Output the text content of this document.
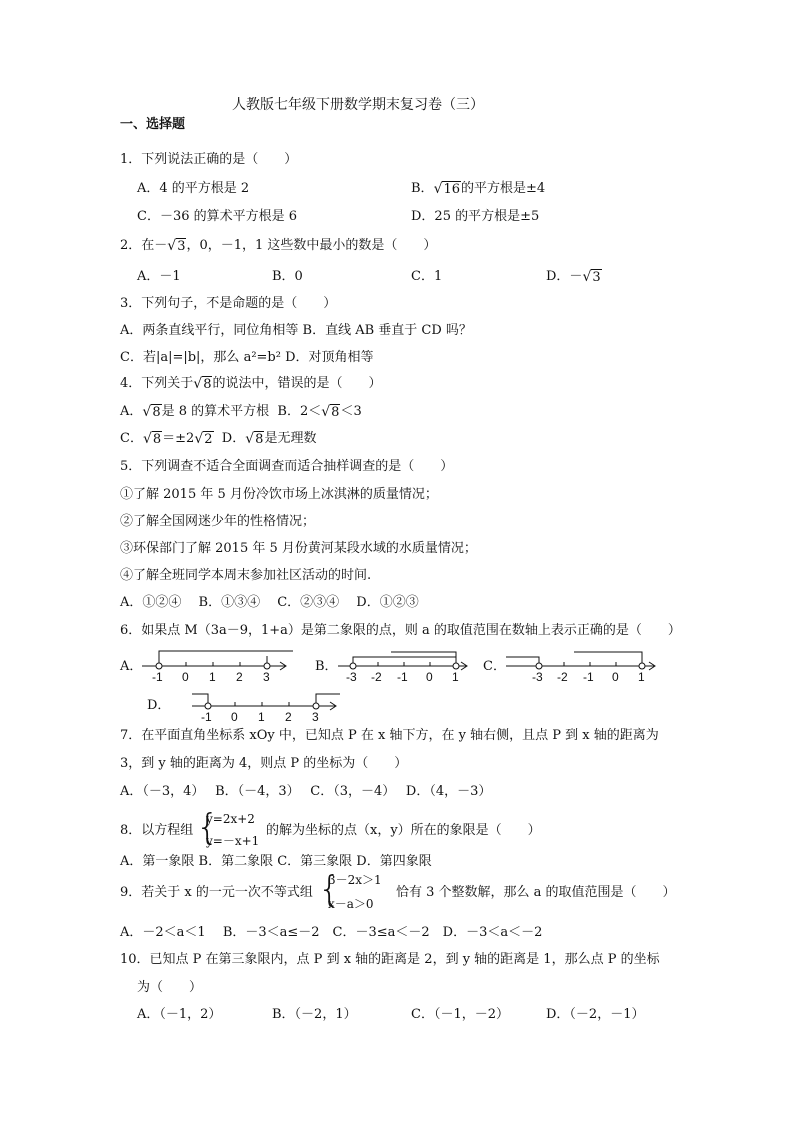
人教版七年级下册数学期末复习卷（三）
一、选择题
1．下列说法正确的是（　　）
A．4 的平方根是 2	B．√16的平方根是±4
C．－36 的算术平方根是 6	D．25 的平方根是±5
2．在－√3，0，－1，1 这些数中最小的数是（　　）
A．－1	B．0	C．1	D．－√3
3．下列句子，不是命题的是（　　）
A．两条直线平行，同位角相等 B．直线 AB 垂直于 CD 吗？
C．若|a|=|b|，那么 a²=b² D．对顶角相等
4．下列关于√8的说法中，错误的是（　　）
A．√8是 8 的算术平方根 B．2＜√8＜3
C．√8＝±2√2 D．√8是无理数
5．下列调查不适合全面调查而适合抽样调查的是（　　）
①了解 2015 年 5 月份冷饮市场上冰淇淋的质量情况；
②了解全国网迷少年的性格情况；
③环保部门了解 2015 年 5 月份黄河某段水域的水质量情况；
④了解全班同学本周末参加社区活动的时间.
A．①②④　 B．①③④　 C．②③④　 D．①②③
6．如果点 M（3a－9，1+a）是第二象限的点，则 a 的取值范围在数轴上表示正确的是（　　）
A．	B．	C．
D．
-1 0 1 2 3	-3 -2 -1 0 1	-3 -2 -1 0 1
-1 0 1 2 3
7．在平面直角坐标系 xOy 中，已知点 P 在 x 轴下方，在 y 轴右侧，且点 P 到 x 轴的距离为
3，到 y 轴的距离为 4，则点 P 的坐标为（　　）
A．（－3，4）　 B．（－4，3）　 C．（3，－4）　 D．（4，－3）
8．以方程组 {
y=2x+2
y=－x+1
的解为坐标的点（x，y）所在的象限是（　　）
A．第一象限 B．第二象限 C．第三象限 D．第四象限
9．若关于 x 的一元一次不等式组 {
3－2x＞1
x－a＞0
恰有 3 个整数解，那么 a 的取值范围是（　　）
A．－2＜a＜1　 B．－3＜a≤－2　C．－3≤a＜－2　D．－3＜a＜－2
10．已知点 P 在第三象限内，点 P 到 x 轴的距离是 2，到 y 轴的距离是 1，那么点 P 的坐标
为（　　）
A．（－1，2）	B．（－2，1）	C．（－1，－2）	D．（－2，－1）
